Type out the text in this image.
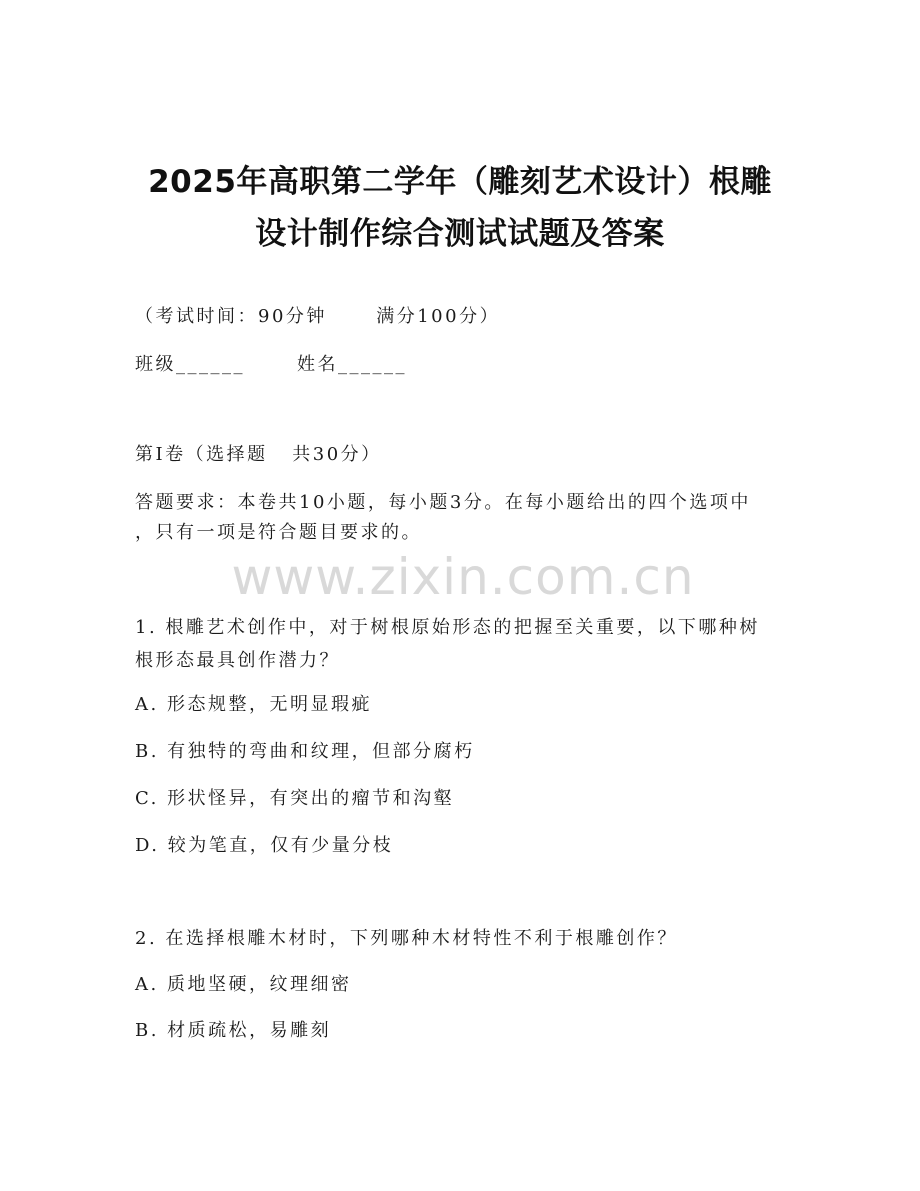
2025年高职第二学年（雕刻艺术设计）根雕
设计制作综合测试试题及答案
（考试时间：90分钟      满分100分）
班级______	姓名______
第Ⅰ卷（选择题   共30分）
答题要求：本卷共10小题，每小题3分。在每小题给出的四个选项中
，只有一项是符合题目要求的。
www.zixin.com.cn
1. 根雕艺术创作中，对于树根原始形态的把握至关重要，以下哪种树
根形态最具创作潜力？
A. 形态规整，无明显瑕疵
B. 有独特的弯曲和纹理，但部分腐朽
C. 形状怪异，有突出的瘤节和沟壑
D. 较为笔直，仅有少量分枝
2. 在选择根雕木材时，下列哪种木材特性不利于根雕创作？
A. 质地坚硬，纹理细密
B. 材质疏松，易雕刻
